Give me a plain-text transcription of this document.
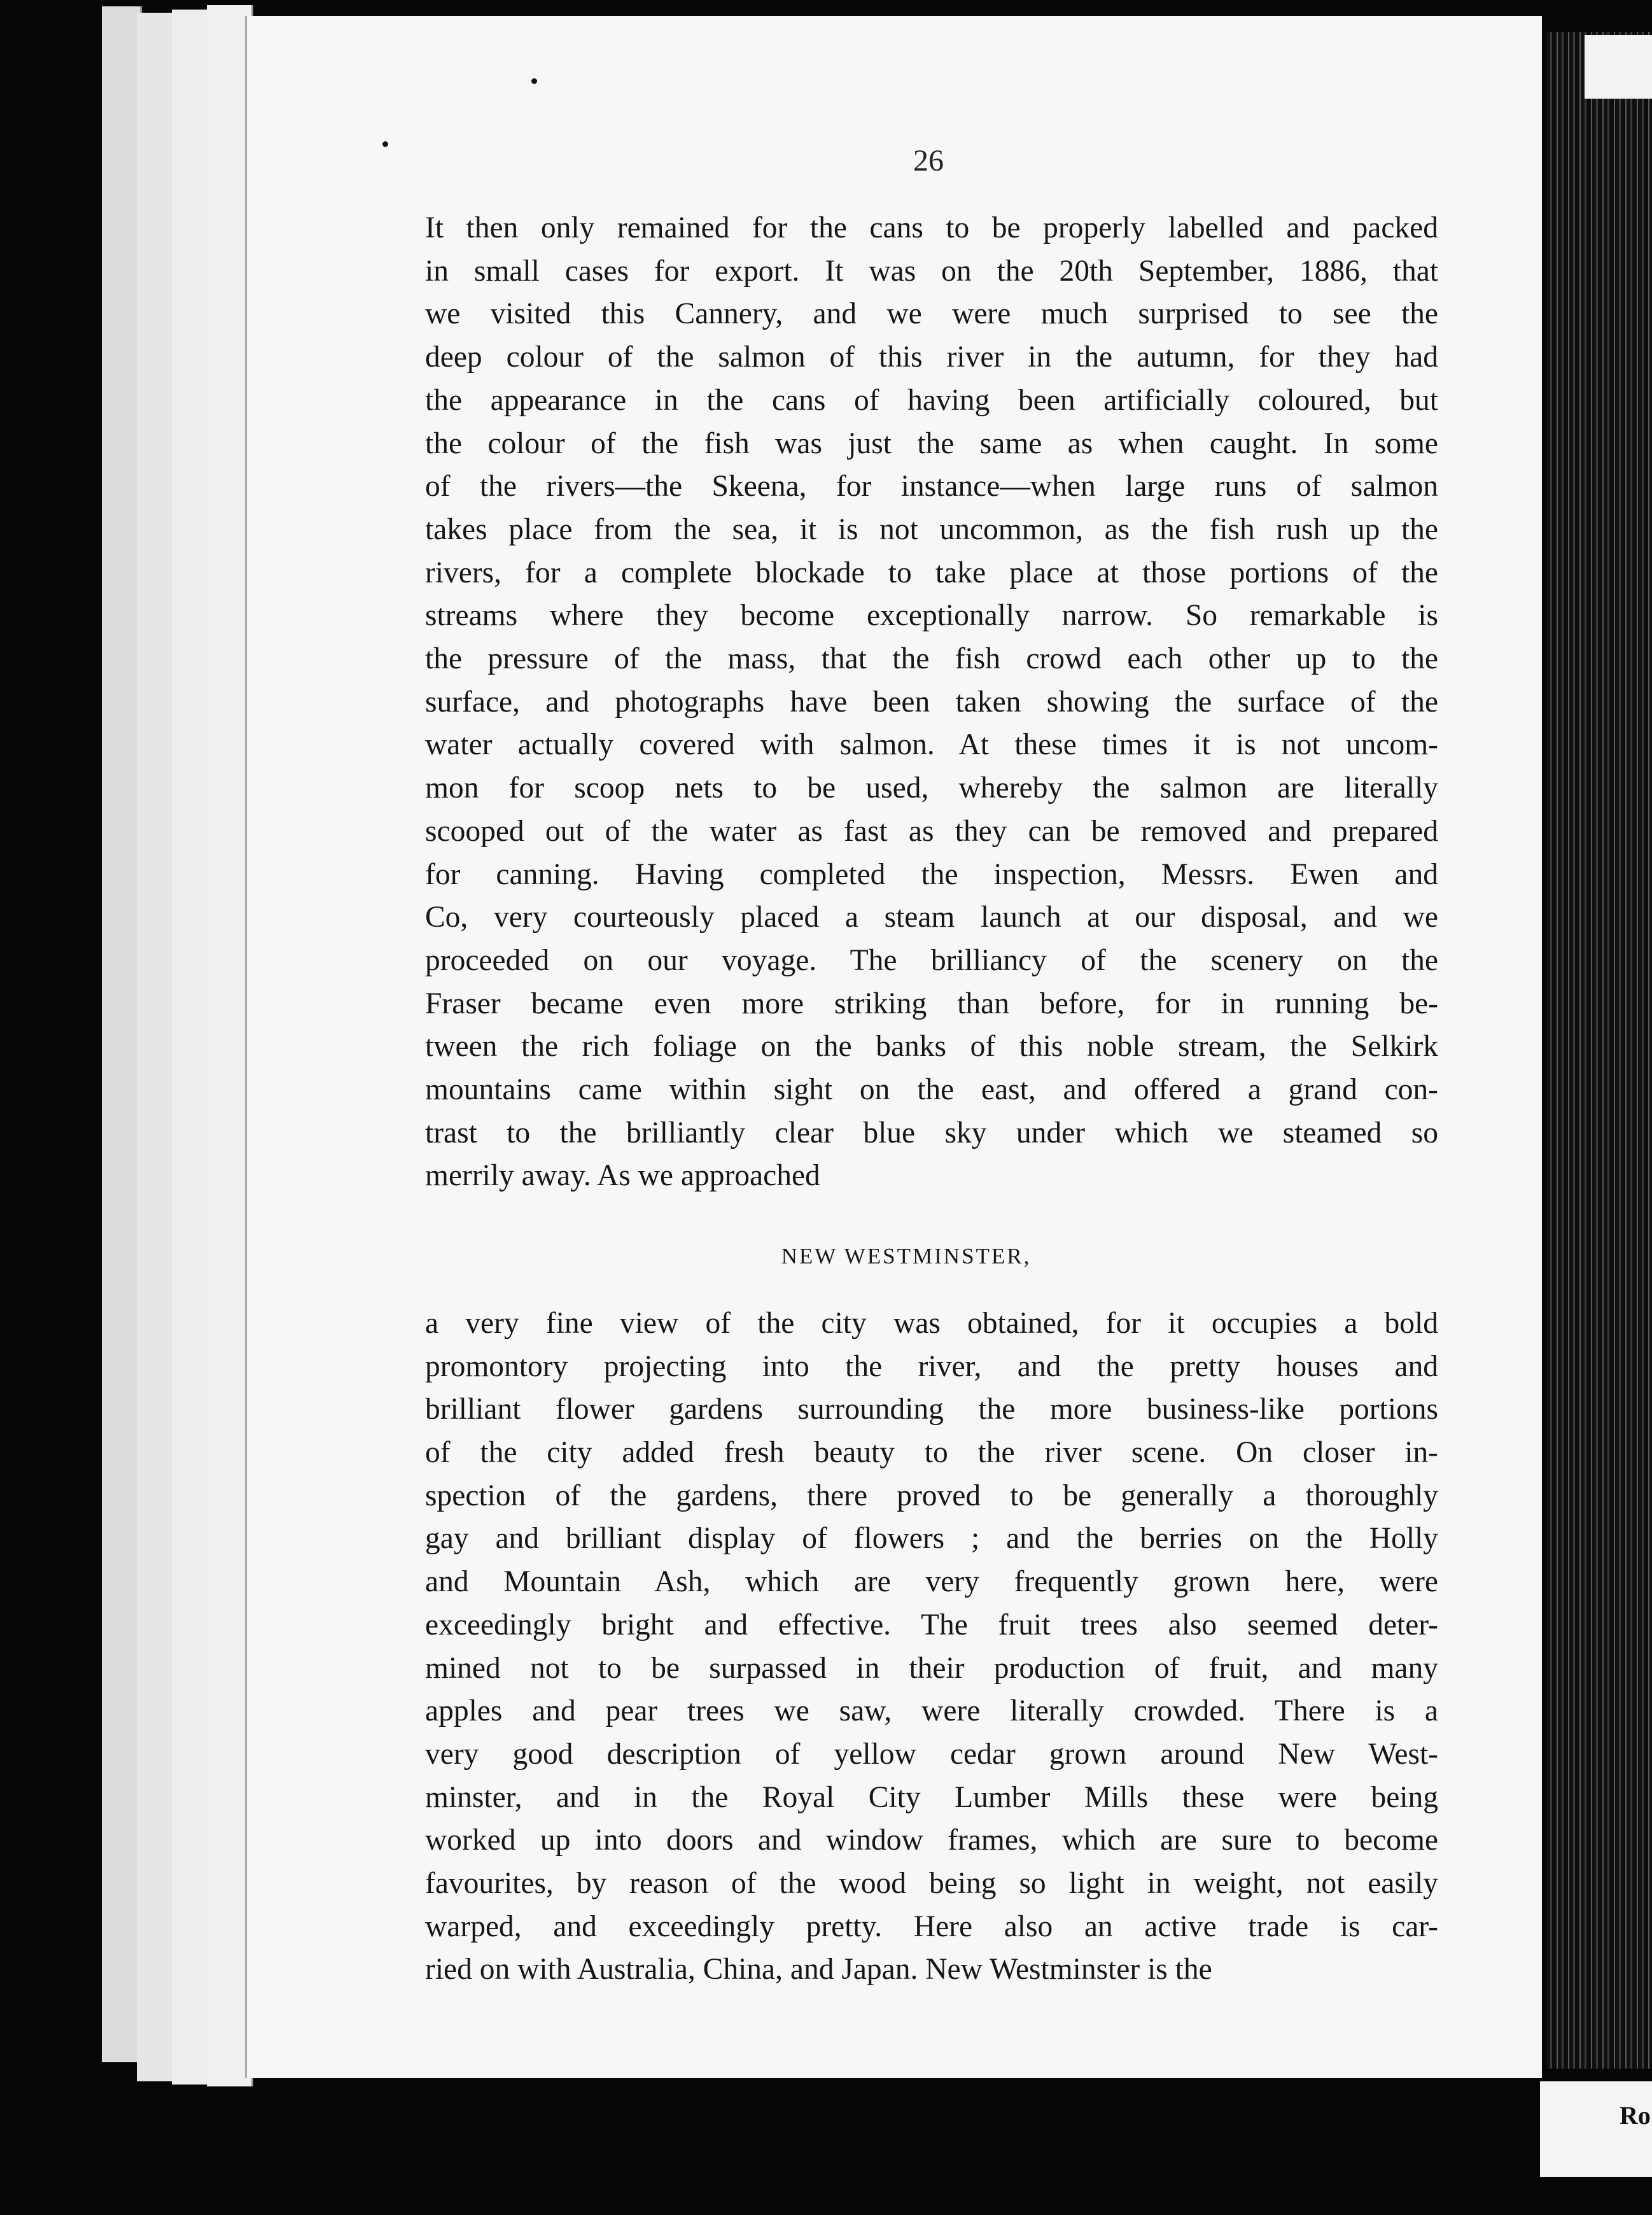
Ro
26
It then only remained for the cans to be properly labelled and packed
in small cases for export. It was on the 20th September, 1886, that
we visited this Cannery, and we were much surprised to see the
deep colour of the salmon of this river in the autumn, for they had
the appearance in the cans of having been artificially coloured, but
the colour of the fish was just the same as when caught. In some
of the rivers—the Skeena, for instance—when large runs of salmon
takes place from the sea, it is not uncommon, as the fish rush up the
rivers, for a complete blockade to take place at those portions of the
streams where they become exceptionally narrow. So remarkable is
the pressure of the mass, that the fish crowd each other up to the
surface, and photographs have been taken showing the surface of the
water actually covered with salmon. At these times it is not uncom-
mon for scoop nets to be used, whereby the salmon are literally
scooped out of the water as fast as they can be removed and prepared
for canning. Having completed the inspection, Messrs. Ewen and
Co, very courteously placed a steam launch at our disposal, and we
proceeded on our voyage. The brilliancy of the scenery on the
Fraser became even more striking than before, for in running be-
tween the rich foliage on the banks of this noble stream, the Selkirk
mountains came within sight on the east, and offered a grand con-
trast to the brilliantly clear blue sky under which we steamed so
merrily away. As we approached
NEW WESTMINSTER,
a very fine view of the city was obtained, for it occupies a bold
promontory projecting into the river, and the pretty houses and
brilliant flower gardens surrounding the more business-like portions
of the city added fresh beauty to the river scene. On closer in-
spection of the gardens, there proved to be generally a thoroughly
gay and brilliant display of flowers ; and the berries on the Holly
and Mountain Ash, which are very frequently grown here, were
exceedingly bright and effective. The fruit trees also seemed deter-
mined not to be surpassed in their production of fruit, and many
apples and pear trees we saw, were literally crowded. There is a
very good description of yellow cedar grown around New West-
minster, and in the Royal City Lumber Mills these were being
worked up into doors and window frames, which are sure to become
favourites, by reason of the wood being so light in weight, not easily
warped, and exceedingly pretty. Here also an active trade is car-
ried on with Australia, China, and Japan. New Westminster is the
